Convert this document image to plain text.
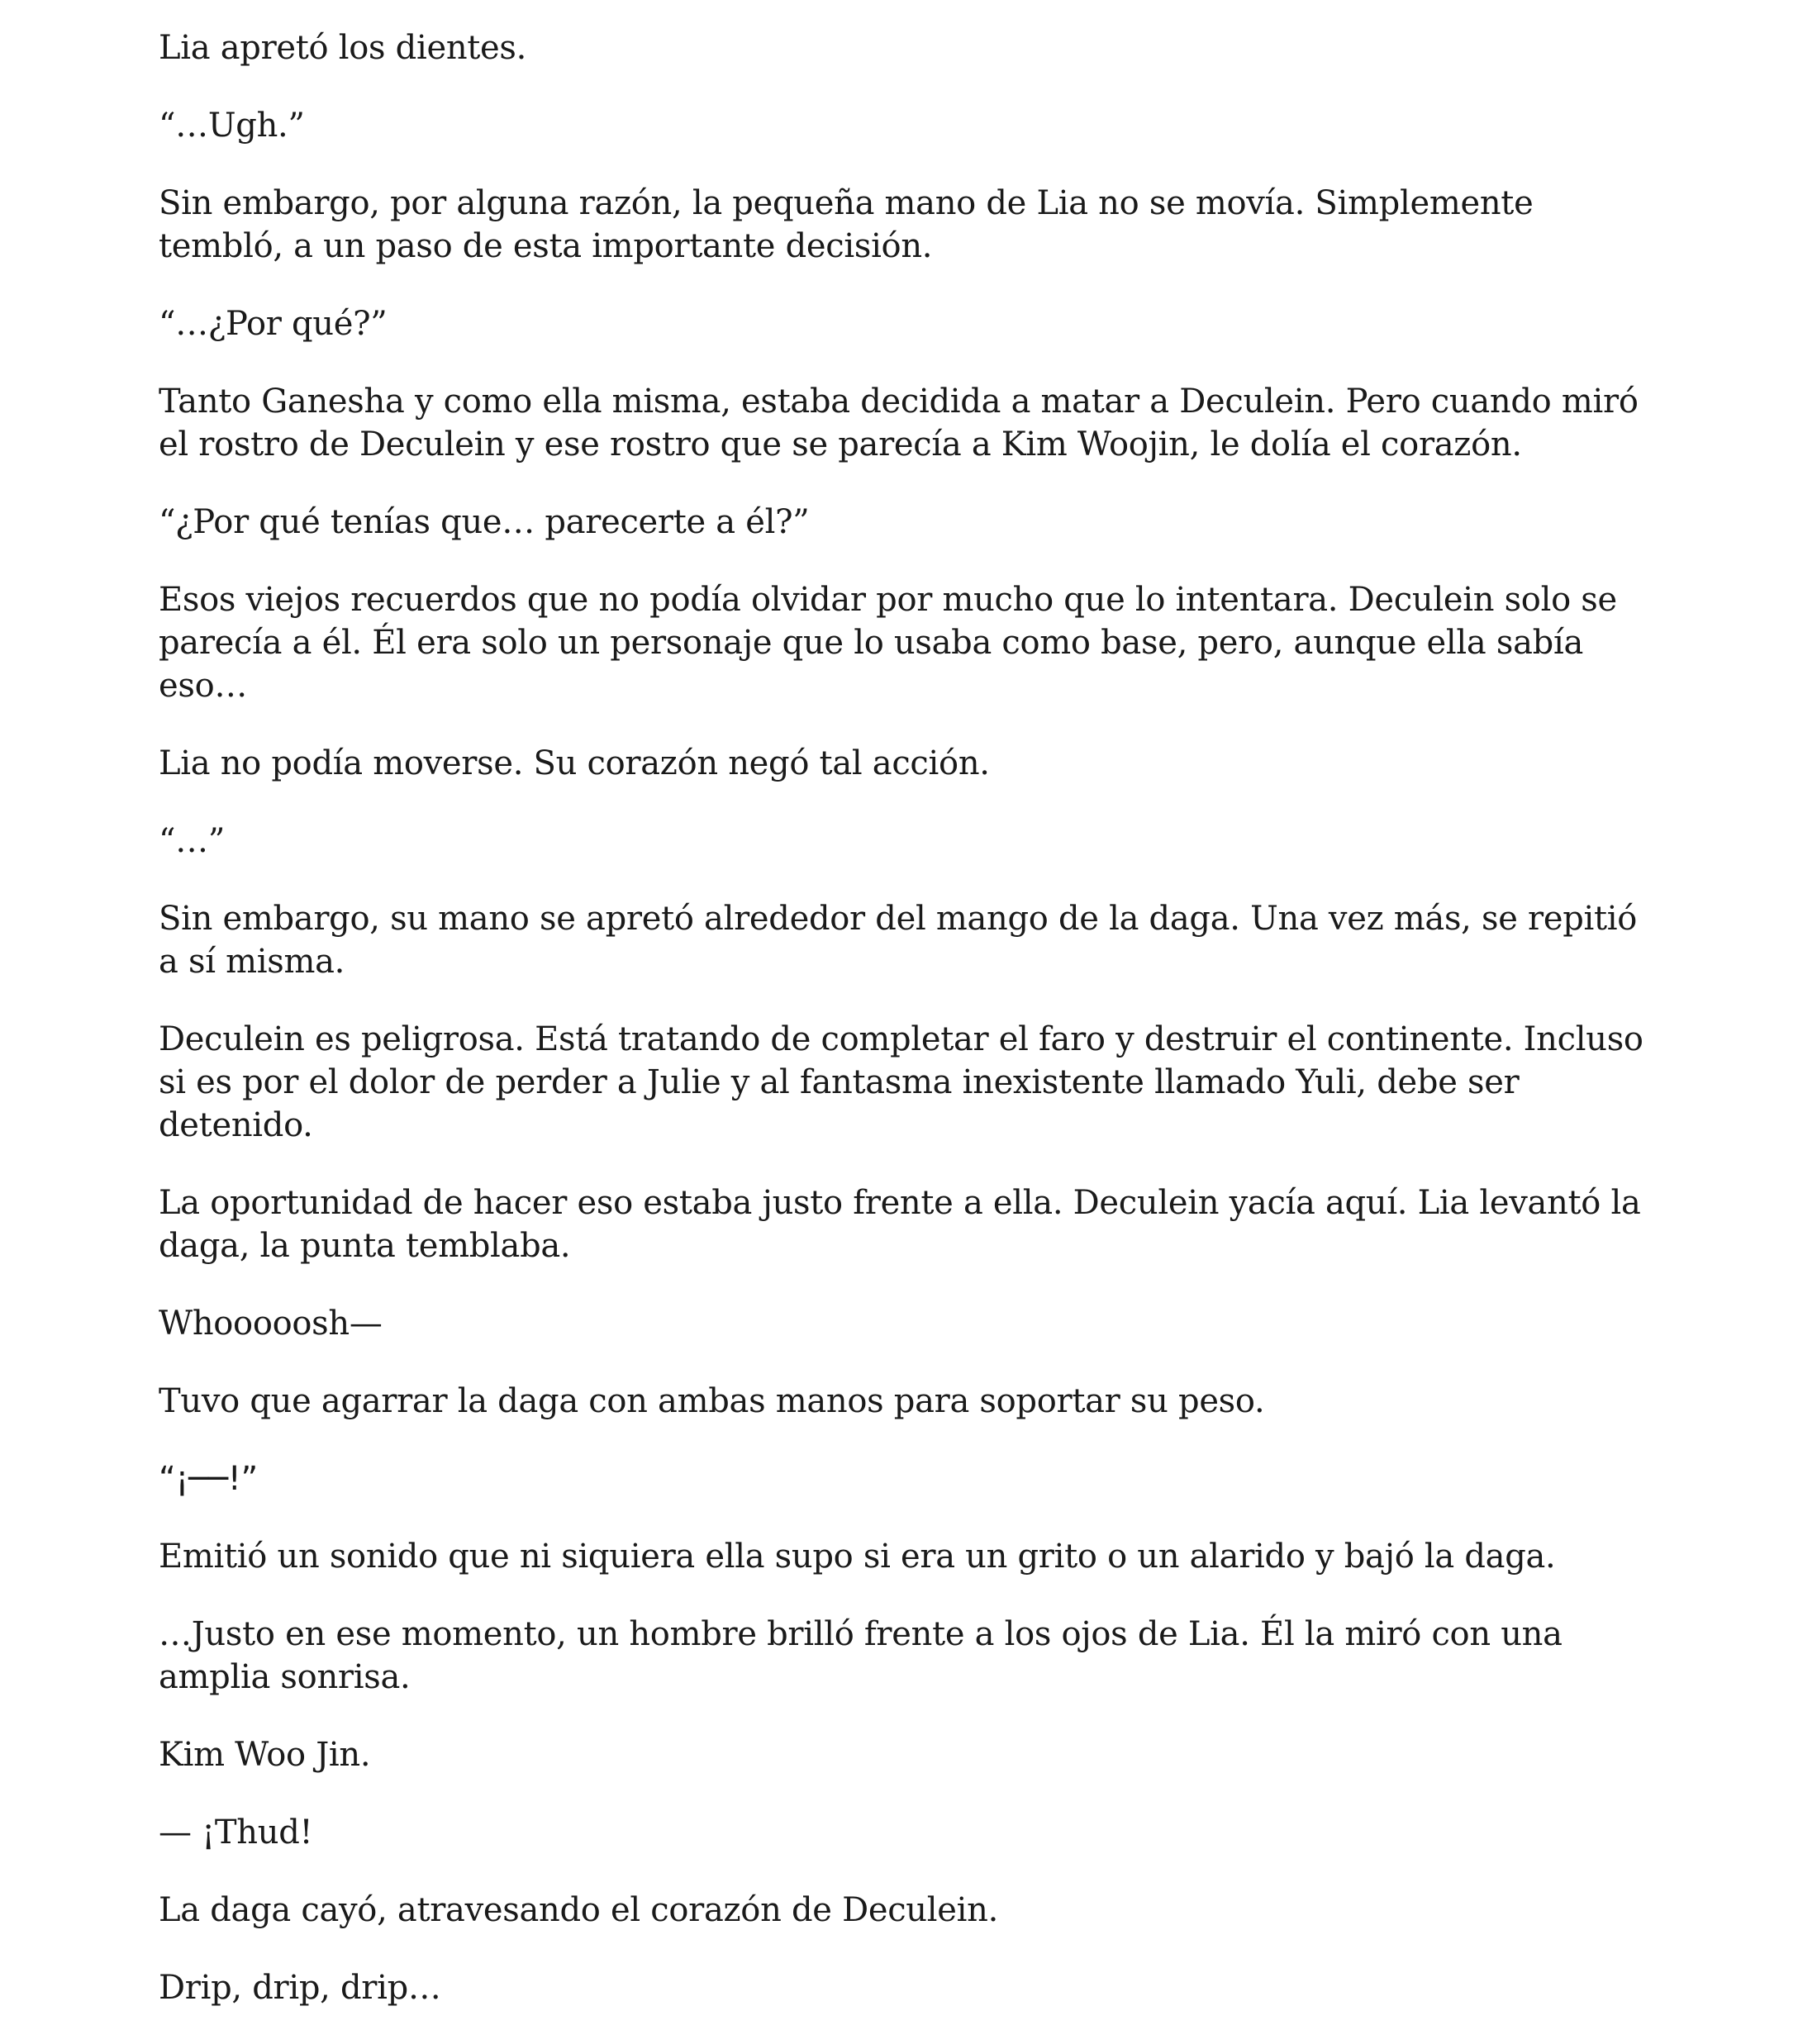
Lia apretó los dientes.

“…Ugh.”

Sin embargo, por alguna razón, la pequeña mano de Lia no se movía. Simplemente tembló, a un paso de esta importante decisión.

“…¿Por qué?”

Tanto Ganesha y como ella misma, estaba decidida a matar a Deculein. Pero cuando miró el rostro de Deculein y ese rostro que se parecía a Kim Woojin, le dolía el corazón.

“¿Por qué tenías que… parecerte a él?”

Esos viejos recuerdos que no podía olvidar por mucho que lo intentara. Deculein solo se parecía a él. Él era solo un personaje que lo usaba como base, pero, aunque ella sabía eso…

Lia no podía moverse. Su corazón negó tal acción.

“…”

Sin embargo, su mano se apretó alrededor del mango de la daga. Una vez más, se repitió a sí misma.

Deculein es peligrosa. Está tratando de completar el faro y destruir el continente. Incluso si es por el dolor de perder a Julie y al fantasma inexistente llamado Yuli, debe ser detenido.

La oportunidad de hacer eso estaba justo frente a ella. Deculein yacía aquí. Lia levantó la daga, la punta temblaba.

Whooooosh—

Tuvo que agarrar la daga con ambas manos para soportar su peso.

“¡──!”

Emitió un sonido que ni siquiera ella supo si era un grito o un alarido y bajó la daga.

…Justo en ese momento, un hombre brilló frente a los ojos de Lia. Él la miró con una amplia sonrisa.

Kim Woo Jin.

— ¡Thud!

La daga cayó, atravesando el corazón de Deculein.

Drip, drip, drip…
